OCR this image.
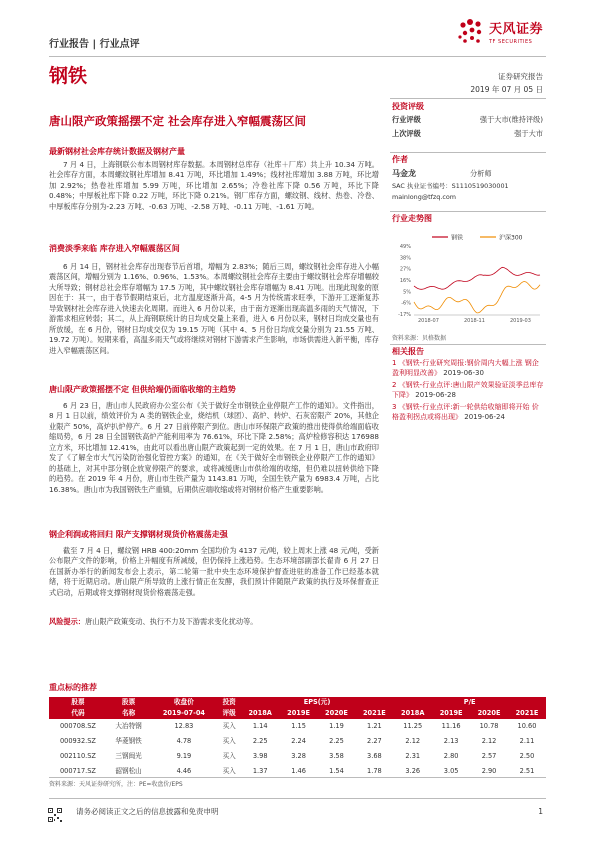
天风证券
TF SECURITIES
行业报告 | 行业点评
钢铁	证券研究报告
2019 年 07 月 05 日
唐山限产政策摇摆不定 社会库存进入窄幅震荡区间
投资评级
行业评级	强于大市(维持评级)
上次评级	强于大市
作者
马金龙	分析师
SAC 执业证书编号：S1110519030001
mainlong@tfzq.com
行业走势图
钢铁	沪深300
49%
38%
27%
16%
5%
-6%
-17%
2018-07	2018-11	2019-03
资料来源：贝格数据
相关报告
1 《钢铁-行业研究周报:钢价周内大幅上涨 钢企盈利明显改善》 2019-06-30
2 《钢铁-行业点评:唐山限产效果验证淡季总库存下降》 2019-06-28
3 《钢铁-行业点评:新一轮供给收缩即将开始 价格盈利拐点或将出现》 2019-06-24
最新钢材社会库存统计数据及钢材产量
7 月 4 日，上海钢联公布本周钢材库存数据。本周钢材总库存（社库＋厂库）共上升 10.34 万吨。社会库存方面，本周螺纹钢社库增加 8.41 万吨，环比增加 1.49%；线材社库增加 3.88 万吨，环比增加 2.92%；热卷社库增加 5.99 万吨，环比增加 2.65%；冷卷社库下降 0.56 万吨，环比下降 0.48%；中厚板社库下降 0.22 万吨，环比下降 0.21%。钢厂库存方面，螺纹钢、线材、热卷、冷卷、中厚板库存分别为-2.23 万吨、-0.63 万吨、-2.58 万吨、-0.11 万吨、-1.61 万吨。
消费淡季来临 库存进入窄幅震荡区间
6 月 14 日，钢材社会库存出现春节后首增，增幅为 2.83%；随后三周，螺纹钢社会库存进入小幅震荡区间，增幅分别为 1.16%、0.96%、1.53%。本周螺纹钢社会库存主要由于螺纹钢社会库存增幅较大所导致；钢材总社会库存增幅为 17.5 万吨，其中螺纹钢社会库存增幅为 8.41 万吨。出现此现象的原因在于：其一，由于春节假期结束后，北方温度逐渐升高，4-5 月为传统需求旺季，下游开工逐渐复苏导致钢材社会库存进入快速去化周期。而进入 6 月份以来，由于南方逐渐出现高温多雨的天气情况，下游需求相应转弱；其二，从上海钢联统计的日均成交量上来看，进入 6 月份以来，钢材日均成交量也有所放缓，在 6 月份，钢材日均成交仅为 19.15 万吨（其中 4、5 月份日均成交量分别为 21.55 万吨、19.72 万吨）。短期来看，高温多雨天气或将继续对钢材下游需求产生影响，市场供需进入新平衡，库存进入窄幅震荡区间。
唐山限产政策摇摆不定 但供给端仍面临收缩的主趋势
6 月 23 日，唐山市人民政府办公室公布《关于做好全市钢铁企业停限产工作的通知》。文件指出，8 月 1 日以前，绩效评价为 A 类的钢铁企业，烧结机（球团）、高炉、转炉、石灰窑限产 20%，其他企业限产 50%，高炉扒炉停产。6 月 27 日前停限产到位。唐山市环保限产政策的推出使得供给端面临收缩局势，6 月 28 日全国钢铁高炉产能利用率为 76.61%，环比下降 2.58%；高炉检修容积达 176988 立方米，环比增加 12.41%，由此可以看出唐山限产政策起到一定的效果。在 7 月 1 日，唐山市政府印发了《了解全市大气污染防治强化管控方案》的通知，在《关于做好全市钢铁企业停限产工作的通知》的基础上，对其中部分钢企放宽停限产的要求，或将减缓唐山市供给端的收缩，但仍难以扭转供给下降的趋势。在 2019 年 4 月份，唐山市生铁产量为 1143.81 万吨，全国生铁产量为 6983.4 万吨，占比 16.38%。唐山市为我国钢铁生产重镇，后期供应端收缩或将对钢材价格产生重要影响。
钢企利润或将回归 限产支撑钢材现货价格震荡走强
截至 7 月 4 日，螺纹钢 HRB 400:20mm 全国均价为 4137 元/吨，较上周末上涨 48 元/吨，受新公布限产文件的影响，价格上升幅度有所减缓，但仍保持上涨趋势。生态环境部副部长翟青 6 月 27 日在国新办举行的新闻发布会上表示，第二轮第一批中央生态环境保护督查进驻的准备工作已经基本就绪，将于近期启动。唐山限产所导致的上涨行情正在发酵，我们预计伴随限产政策的执行及环保督查正式启动，后期或将支撑钢材现货价格震荡走强。
风险提示：唐山限产政策变动、执行不力及下游需求变化扰动等。
重点标的推荐
股票	股票	收盘价	投资	EPS(元)				P/E			
代码	名称	2019-07-04	评级	2018A	2019E	2020E	2021E	2018A	2019E	2020E	2021E
000708.SZ	大冶特钢	12.83	买入	1.14	1.15	1.19	1.21	11.25	11.16	10.78	10.60
000932.SZ	华菱钢铁	4.78	买入	2.25	2.24	2.25	2.27	2.12	2.13	2.12	2.11
002110.SZ	三钢闽光	9.19	买入	3.98	3.28	3.58	3.68	2.31	2.80	2.57	2.50
000717.SZ	韶钢松山	4.46	买入	1.37	1.46	1.54	1.78	3.26	3.05	2.90	2.51
资料来源：天风证券研究所，注：PE=收盘价/EPS
请务必阅读正文之后的信息披露和免责申明	1
